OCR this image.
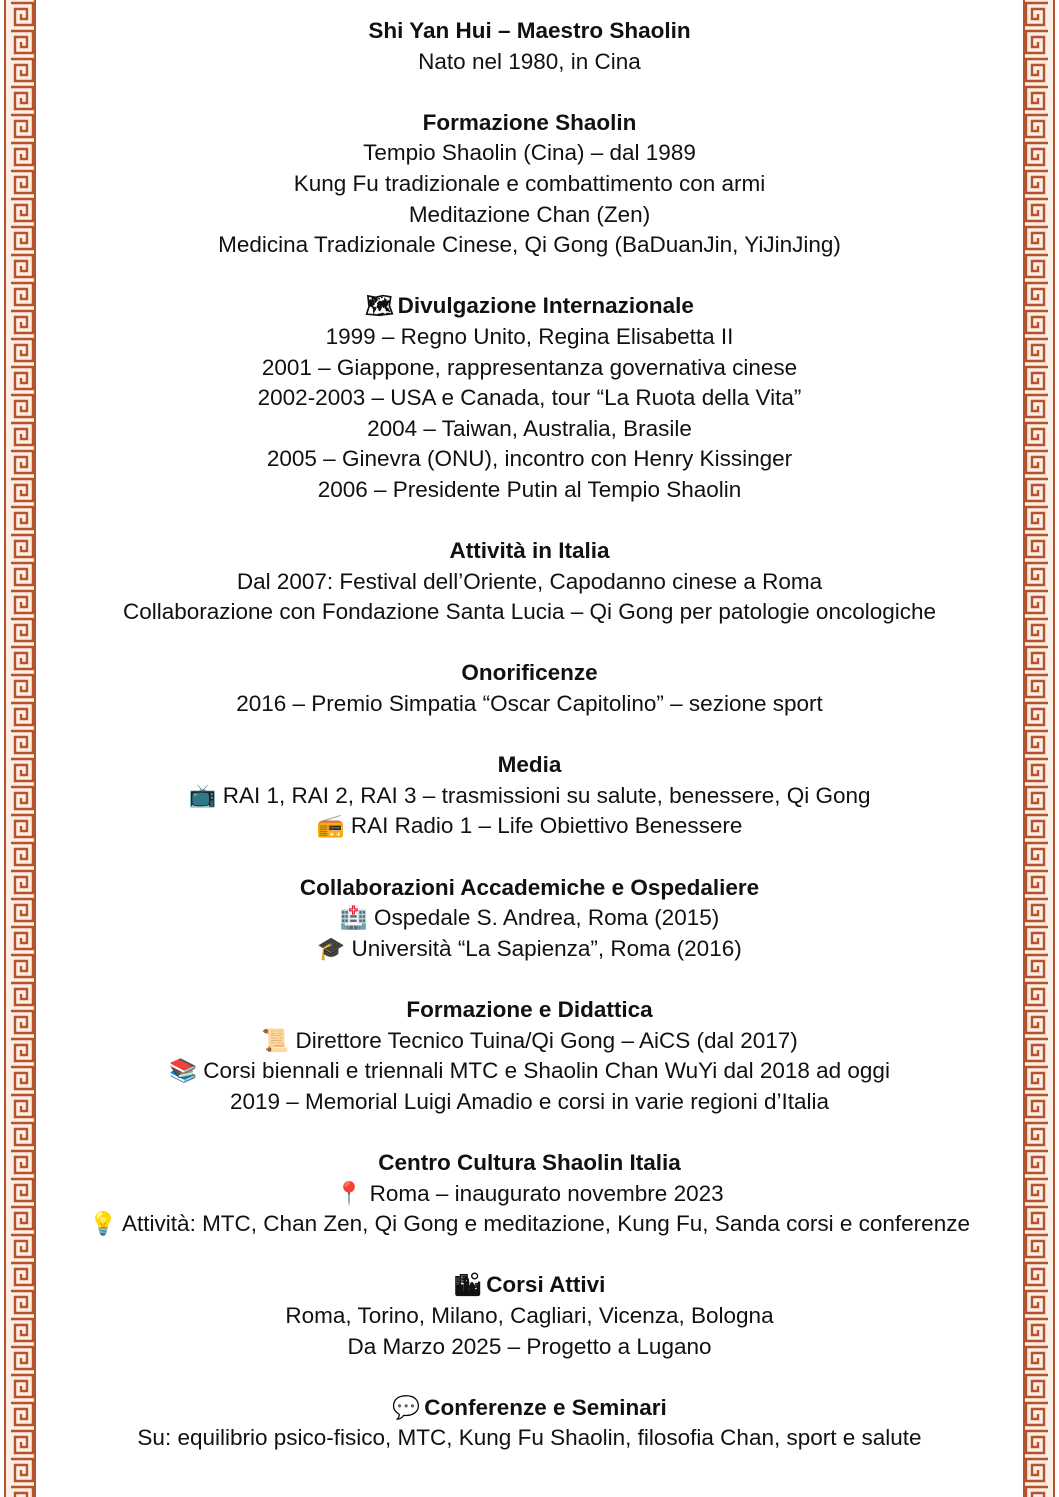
Shi Yan Hui – Maestro Shaolin
Nato nel 1980, in Cina
Formazione Shaolin
Tempio Shaolin (Cina) – dal 1989
Kung Fu tradizionale e combattimento con armi
Meditazione Chan (Zen)
Medicina Tradizionale Cinese, Qi Gong (BaDuanJin, YiJinJing)
🗺 Divulgazione Internazionale
1999 – Regno Unito, Regina Elisabetta II
2001 – Giappone, rappresentanza governativa cinese
2002-2003 – USA e Canada, tour “La Ruota della Vita”
2004 – Taiwan, Australia, Brasile
2005 – Ginevra (ONU), incontro con Henry Kissinger
2006 – Presidente Putin al Tempio Shaolin
Attività in Italia
Dal 2007: Festival dell’Oriente, Capodanno cinese a Roma
Collaborazione con Fondazione Santa Lucia – Qi Gong per patologie oncologiche
Onorificenze
2016 – Premio Simpatia “Oscar Capitolino” – sezione sport
Media
📺 RAI 1, RAI 2, RAI 3 – trasmissioni su salute, benessere, Qi Gong
📻 RAI Radio 1 – Life Obiettivo Benessere
Collaborazioni Accademiche e Ospedaliere
🏥 Ospedale S. Andrea, Roma (2015)
🎓 Università “La Sapienza”, Roma (2016)
Formazione e Didattica
📜 Direttore Tecnico Tuina/Qi Gong – AiCS (dal 2017)
📚 Corsi biennali e triennali MTC e Shaolin Chan WuYi dal 2018 ad oggi
2019 – Memorial Luigi Amadio e corsi in varie regioni d’Italia
Centro Cultura Shaolin Italia
📍 Roma – inaugurato novembre 2023
💡 Attività: MTC, Chan Zen, Qi Gong e meditazione, Kung Fu, Sanda corsi e conferenze
🏙 Corsi Attivi
Roma, Torino, Milano, Cagliari, Vicenza, Bologna
Da Marzo 2025 – Progetto a Lugano
💬 Conferenze e Seminari
Su: equilibrio psico-fisico, MTC, Kung Fu Shaolin, filosofia Chan, sport e salute
